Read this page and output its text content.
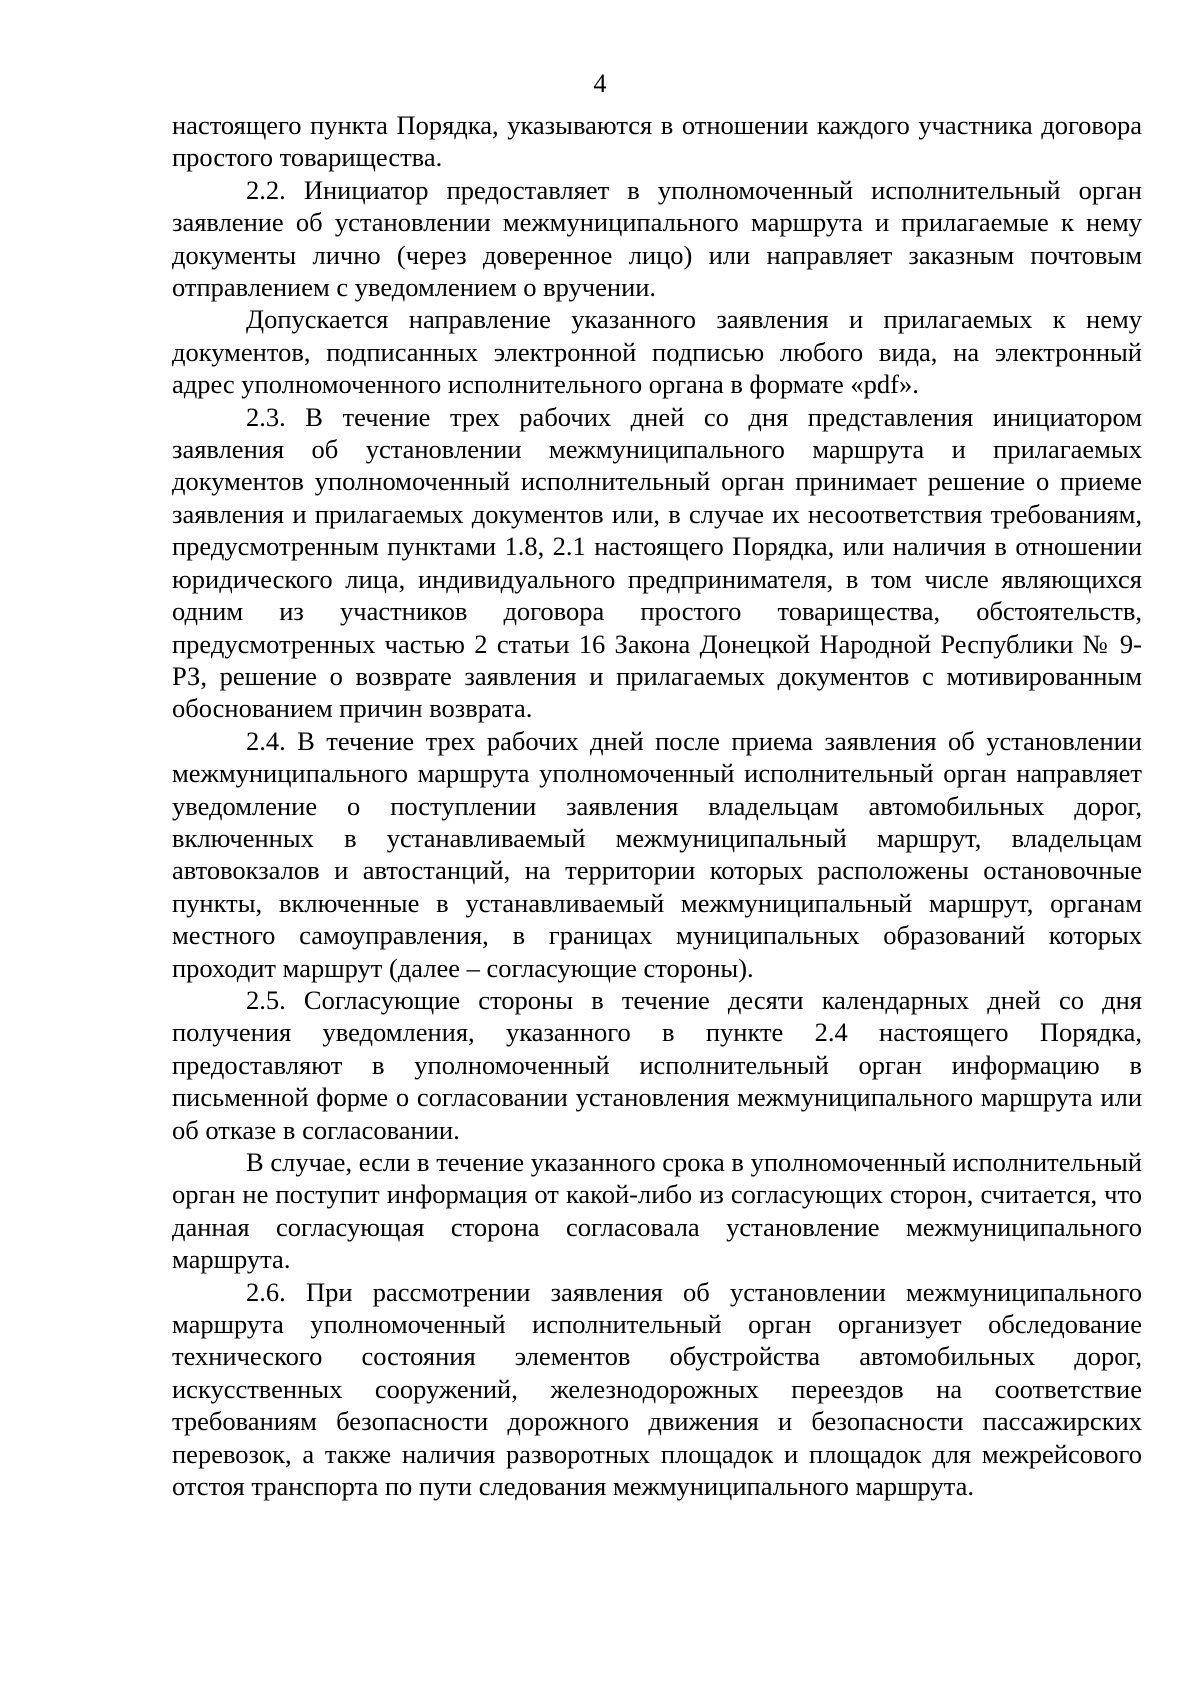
4

настоящего пункта Порядка, указываются в отношении каждого участника договора простого товарищества.

2.2. Инициатор предоставляет в уполномоченный исполнительный орган заявление об установлении межмуниципального маршрута и прилагаемые к нему документы лично (через доверенное лицо) или направляет заказным почтовым отправлением с уведомлением о вручении.

Допускается направление указанного заявления и прилагаемых к нему документов, подписанных электронной подписью любого вида, на электронный адрес уполномоченного исполнительного органа в формате «pdf».

2.3. В течение трех рабочих дней со дня представления инициатором заявления об установлении межмуниципального маршрута и прилагаемых документов уполномоченный исполнительный орган принимает решение о приеме заявления и прилагаемых документов или, в случае их несоответствия требованиям, предусмотренным пунктами 1.8, 2.1 настоящего Порядка, или наличия в отношении юридического лица, индивидуального предпринимателя, в том числе являющихся одним из участников договора простого товарищества, обстоятельств, предусмотренных частью 2 статьи 16 Закона Донецкой Народной Республики № 9-РЗ, решение о возврате заявления и прилагаемых документов с мотивированным обоснованием причин возврата.

2.4. В течение трех рабочих дней после приема заявления об установлении межмуниципального маршрута уполномоченный исполнительный орган направляет уведомление о поступлении заявления владельцам автомобильных дорог, включенных в устанавливаемый межмуниципальный маршрут, владельцам автовокзалов и автостанций, на территории которых расположены остановочные пункты, включенные в устанавливаемый межмуниципальный маршрут, органам местного самоуправления, в границах муниципальных образований которых проходит маршрут (далее – согласующие стороны).

2.5. Согласующие стороны в течение десяти календарных дней со дня получения уведомления, указанного в пункте 2.4 настоящего Порядка, предоставляют в уполномоченный исполнительный орган информацию в письменной форме о согласовании установления межмуниципального маршрута или об отказе в согласовании.

В случае, если в течение указанного срока в уполномоченный исполнительный орган не поступит информация от какой-либо из согласующих сторон, считается, что данная согласующая сторона согласовала установление межмуниципального маршрута.

2.6. При рассмотрении заявления об установлении межмуниципального маршрута уполномоченный исполнительный орган организует обследование технического состояния элементов обустройства автомобильных дорог, искусственных сооружений, железнодорожных переездов на соответствие требованиям безопасности дорожного движения и безопасности пассажирских перевозок, а также наличия разворотных площадок и площадок для межрейсового отстоя транспорта по пути следования межмуниципального маршрута.
